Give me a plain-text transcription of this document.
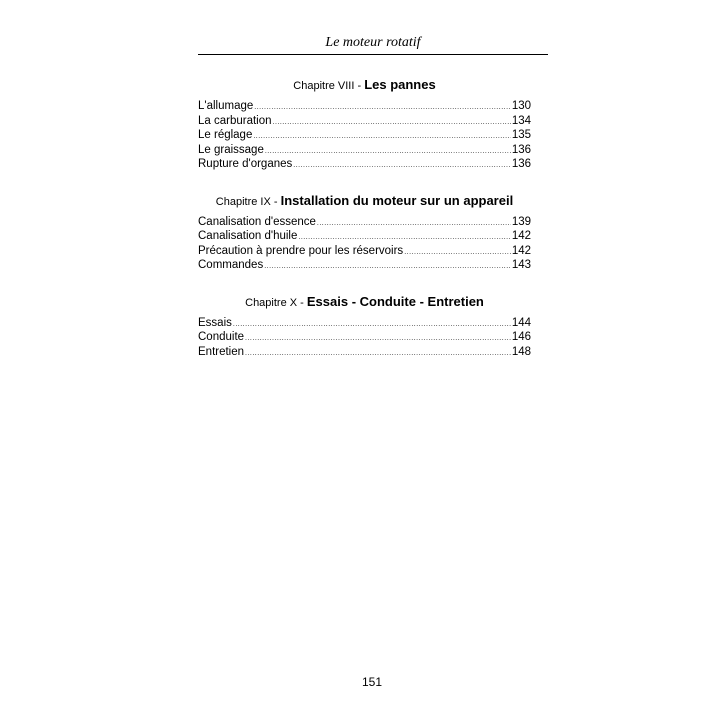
Le moteur rotatif
Chapitre VIII - Les pannes
L'allumage .....	130
La carburation .....	134
Le réglage .....	135
Le graissage .....	136
Rupture d'organes .....	136
Chapitre IX - Installation du moteur sur un appareil
Canalisation d'essence .....	139
Canalisation d'huile .....	142
Précaution à prendre pour les réservoirs .....	142
Commandes .....	143
Chapitre X - Essais - Conduite - Entretien
Essais .....	144
Conduite .....	146
Entretien .....	148
151
